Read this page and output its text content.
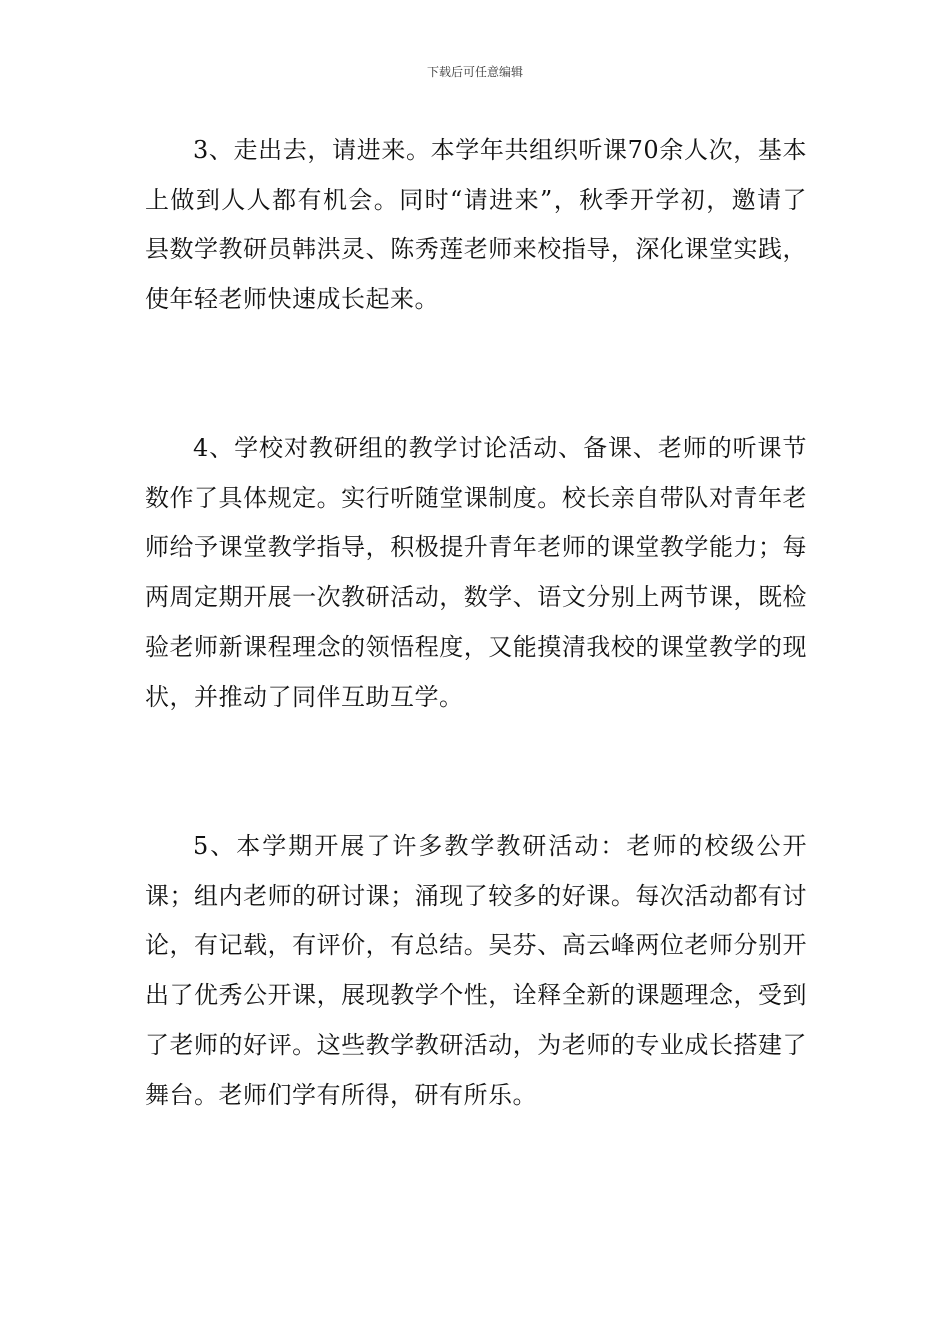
下载后可任意编辑

3、走出去，请进来。本学年共组织听课70余人次，基本上做到人人都有机会。同时“请进来”，秋季开学初，邀请了县数学教研员韩洪灵、陈秀莲老师来校指导，深化课堂实践，使年轻老师快速成长起来。

4、学校对教研组的教学讨论活动、备课、老师的听课节数作了具体规定。实行听随堂课制度。校长亲自带队对青年老师给予课堂教学指导，积极提升青年老师的课堂教学能力；每两周定期开展一次教研活动，数学、语文分别上两节课，既检验老师新课程理念的领悟程度，又能摸清我校的课堂教学的现状，并推动了同伴互助互学。

5、本学期开展了许多教学教研活动：老师的校级公开课；组内老师的研讨课；涌现了较多的好课。每次活动都有讨论，有记载，有评价，有总结。吴芬、高云峰两位老师分别开出了优秀公开课，展现教学个性，诠释全新的课题理念，受到了老师的好评。这些教学教研活动，为老师的专业成长搭建了舞台。老师们学有所得，研有所乐。
